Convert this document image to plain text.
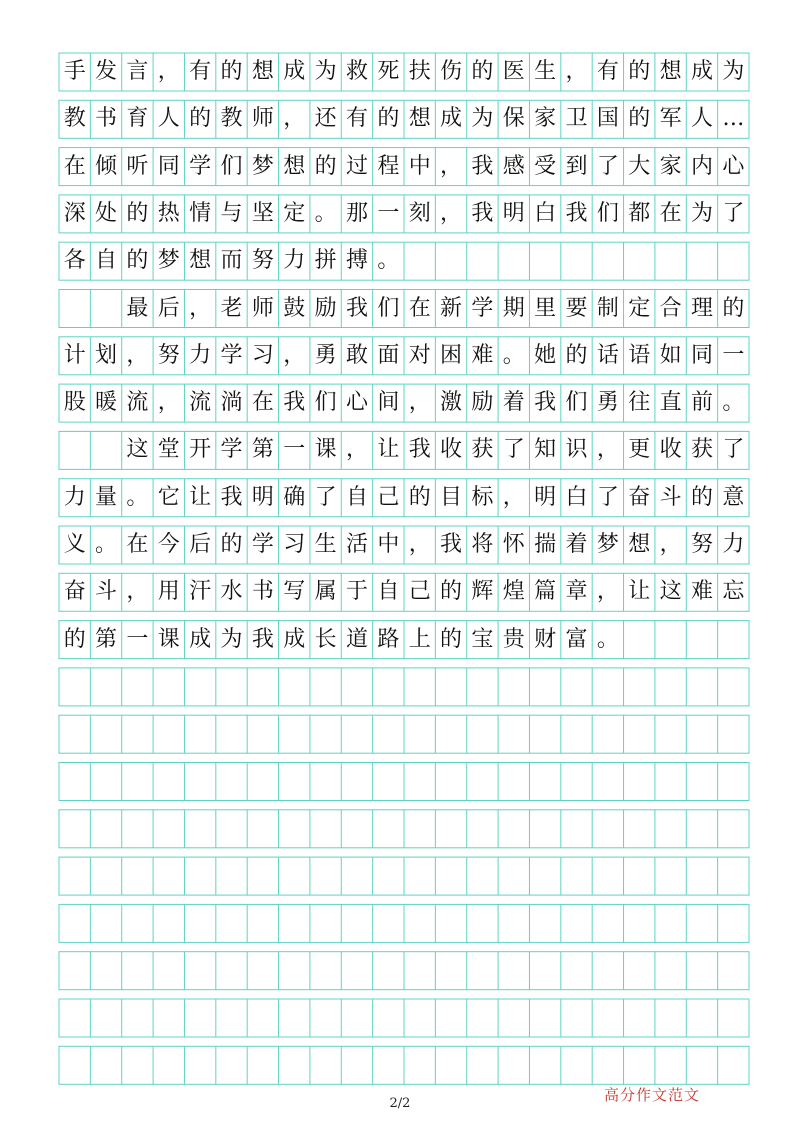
手 发 言 ， 有 的 想 成 为 救 死 扶 伤 的 医 生 ， 有 的 想 成 为
教 书 育 人 的 教 师 ， 还 有 的 想 成 为 保 家 卫 国 的 军 人 …
在 倾 听 同 学 们 梦 想 的 过 程 中 ， 我 感 受 到 了 大 家 内 心
深 处 的 热 情 与 坚 定 。 那 一 刻 ， 我 明 白 我 们 都 在 为 了
各 自 的 梦 想 而 努 力 拼 搏 。
最 后 ， 老 师 鼓 励 我 们 在 新 学 期 里 要 制 定 合 理 的
计 划 ， 努 力 学 习 ， 勇 敢 面 对 困 难 。 她 的 话 语 如 同 一
股 暖 流 ， 流 淌 在 我 们 心 间 ， 激 励 着 我 们 勇 往 直 前 。
这 堂 开 学 第 一 课 ， 让 我 收 获 了 知 识 ， 更 收 获 了
力 量 。 它 让 我 明 确 了 自 己 的 目 标 ， 明 白 了 奋 斗 的 意
义 。 在 今 后 的 学 习 生 活 中 ， 我 将 怀 揣 着 梦 想 ， 努 力
奋 斗 ， 用 汗 水 书 写 属 于 自 己 的 辉 煌 篇 章 ， 让 这 难 忘
的 第 一 课 成 为 我 成 长 道 路 上 的 宝 贵 财 富 。
2/2	高分作文范文
